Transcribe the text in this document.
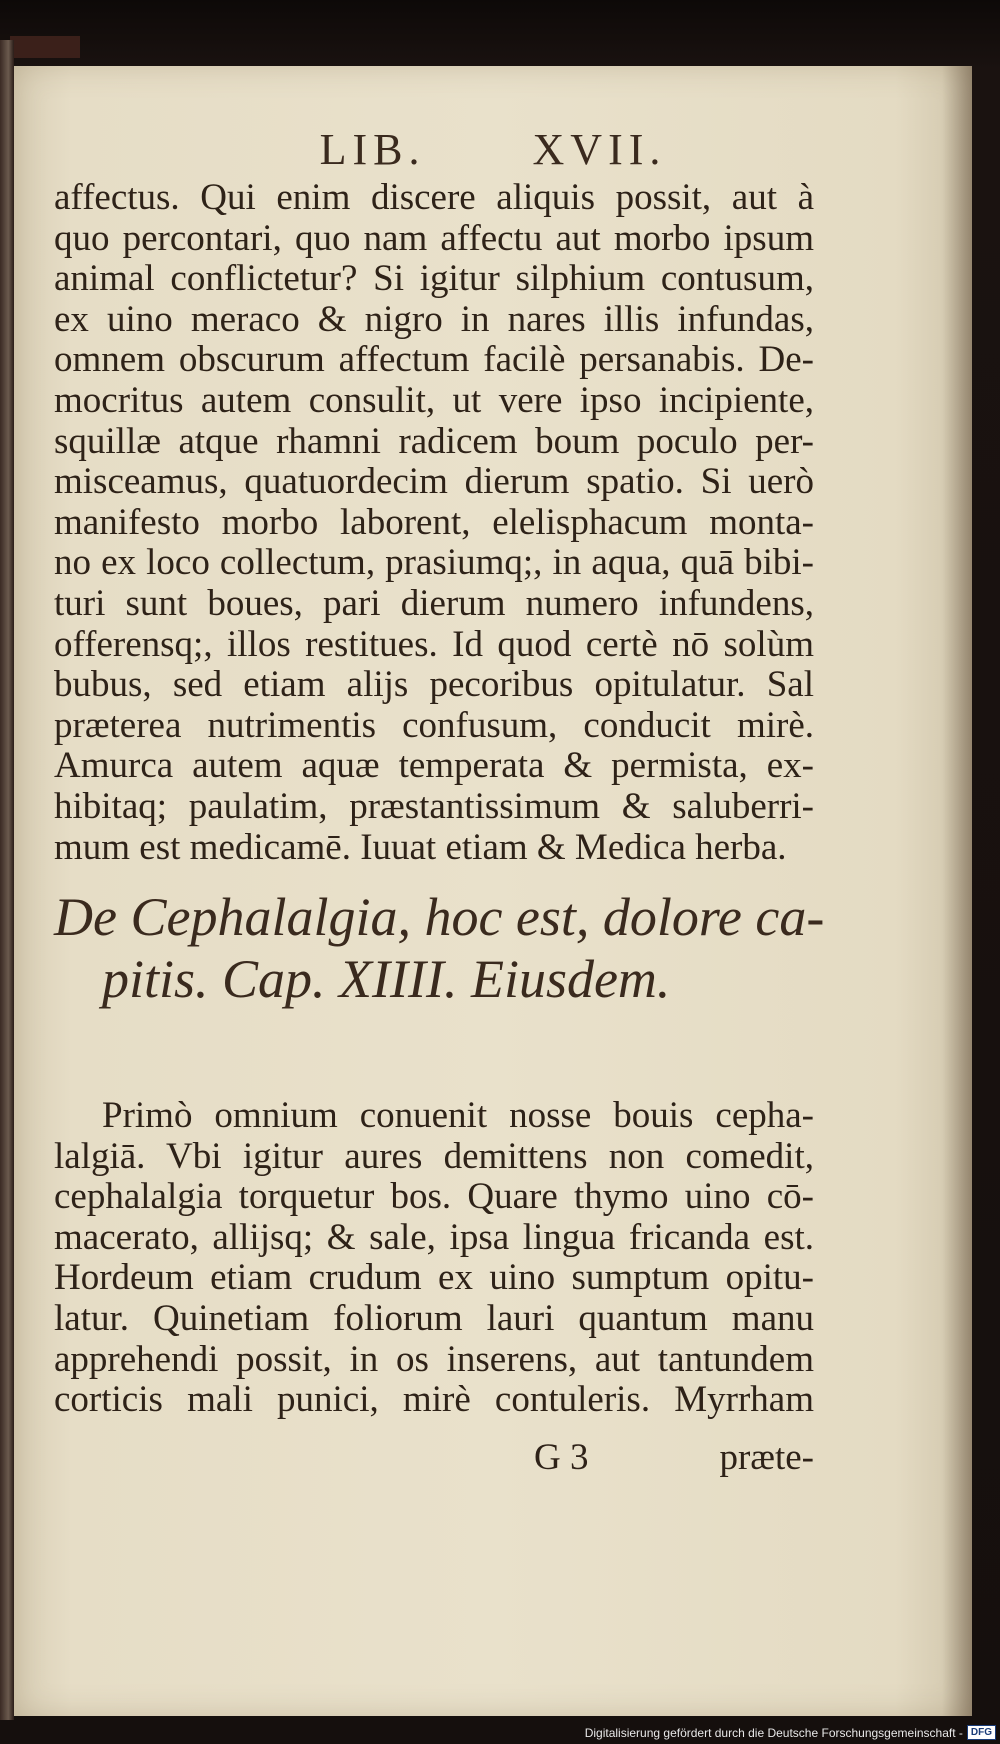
LIB. XVII.
affectus. Qui enim discere aliquis possit, aut à
quo percontari, quo nam affectu aut morbo ipsum
animal conflictetur? Si igitur silphium contusum,
ex uino meraco & nigro in nares illis infundas,
omnem obscurum affectum facilè persanabis. De-
mocritus autem consulit, ut vere ipso incipiente,
squillæ atque rhamni radicem boum poculo per-
misceamus, quatuordecim dierum spatio. Si uerò
manifesto morbo laborent, elelisphacum monta-
no ex loco collectum, prasiumq;, in aqua, quā bibi-
turi sunt boues, pari dierum numero infundens,
offerensq;, illos restitues. Id quod certè nō solùm
bubus, sed etiam alijs pecoribus opitulatur. Sal
prætereа nutrimentis confusum, conducit mirè.
Amurca autem aquæ temperata & permista, ex-
hibitaq; paulatim, præstantissimum & saluberri-
mum est medicamē. Iuuat etiam & Medica herba.
De Cephalalgia, hoc est, dolore ca-
pitis. Cap. XIIII. Eiusdem.
Primò omnium conuenit nosse bouis cepha-
lalgiā. Vbi igitur aures demittens non comedit,
cephalalgia torquetur bos. Quare thymo uino cō-
macerato, allijsq; & sale, ipsa lingua fricanda est.
Hordeum etiam crudum ex uino sumptum opitu-
latur. Quinetiam foliorum lauri quantum manu
apprehendi possit, in os inserens, aut tantundem
corticis mali punici, mirè contuleris. Myrrham
G 3	præte-
Digitalisierung gefördert durch die Deutsche Forschungsgemeinschaft - DFG
